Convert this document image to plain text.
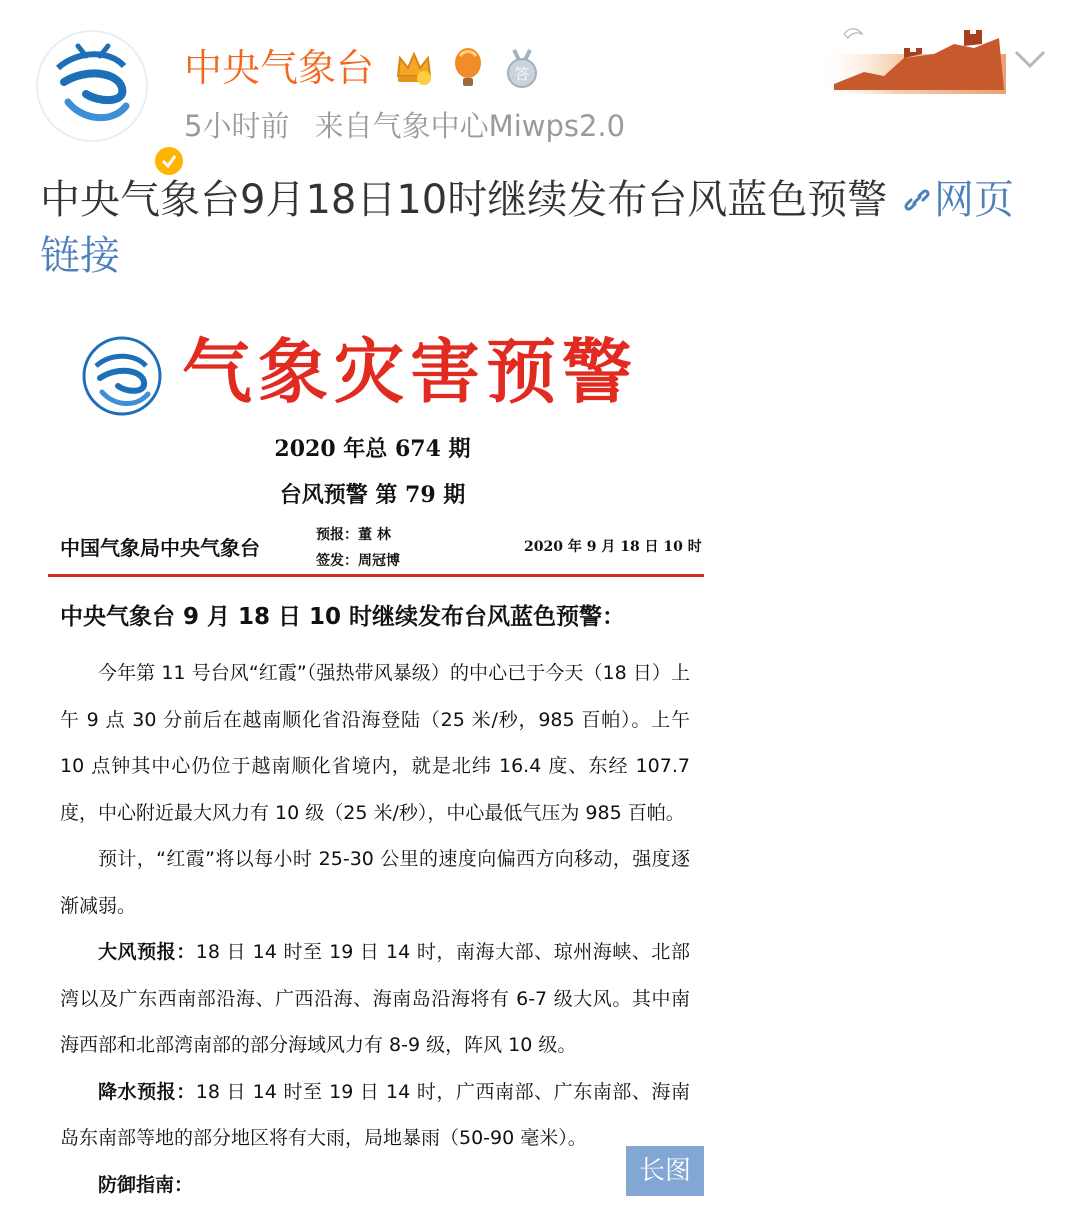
中央气象台	答
5小时前 来自气象中心Miwps2.0
中央气象台9月18日10时继续发布台风蓝色预警 网页链接
气象灾害预警
2020 年总 674 期
台风预警 第 79 期
中国气象局中央气象台
预报：董 林
签发：周冠博
2020 年 9 月 18 日 10 时
中央气象台 9 月 18 日 10 时继续发布台风蓝色预警：

今年第 11 号台风“红霞”（强热带风暴级）的中心已于今天（18 日）上午 9 点 30 分前后在越南顺化省沿海登陆（25 米/秒，985 百帕）。上午 10 点钟其中心仍位于越南顺化省境内，就是北纬 16.4 度、东经 107.7 度，中心附近最大风力有 10 级（25 米/秒），中心最低气压为 985 百帕。

预计，“红霞”将以每小时 25-30 公里的速度向偏西方向移动，强度逐渐减弱。

大风预报：18 日 14 时至 19 日 14 时，南海大部、琼州海峡、北部湾以及广东西南部沿海、广西沿海、海南岛沿海将有 6-7 级大风。其中南海西部和北部湾南部的部分海域风力有 8-9 级，阵风 10 级。

降水预报：18 日 14 时至 19 日 14 时，广西南部、广东南部、海南岛东南部等地的部分地区将有大雨，局地暴雨（50-90 毫米）。

防御指南：	长图
